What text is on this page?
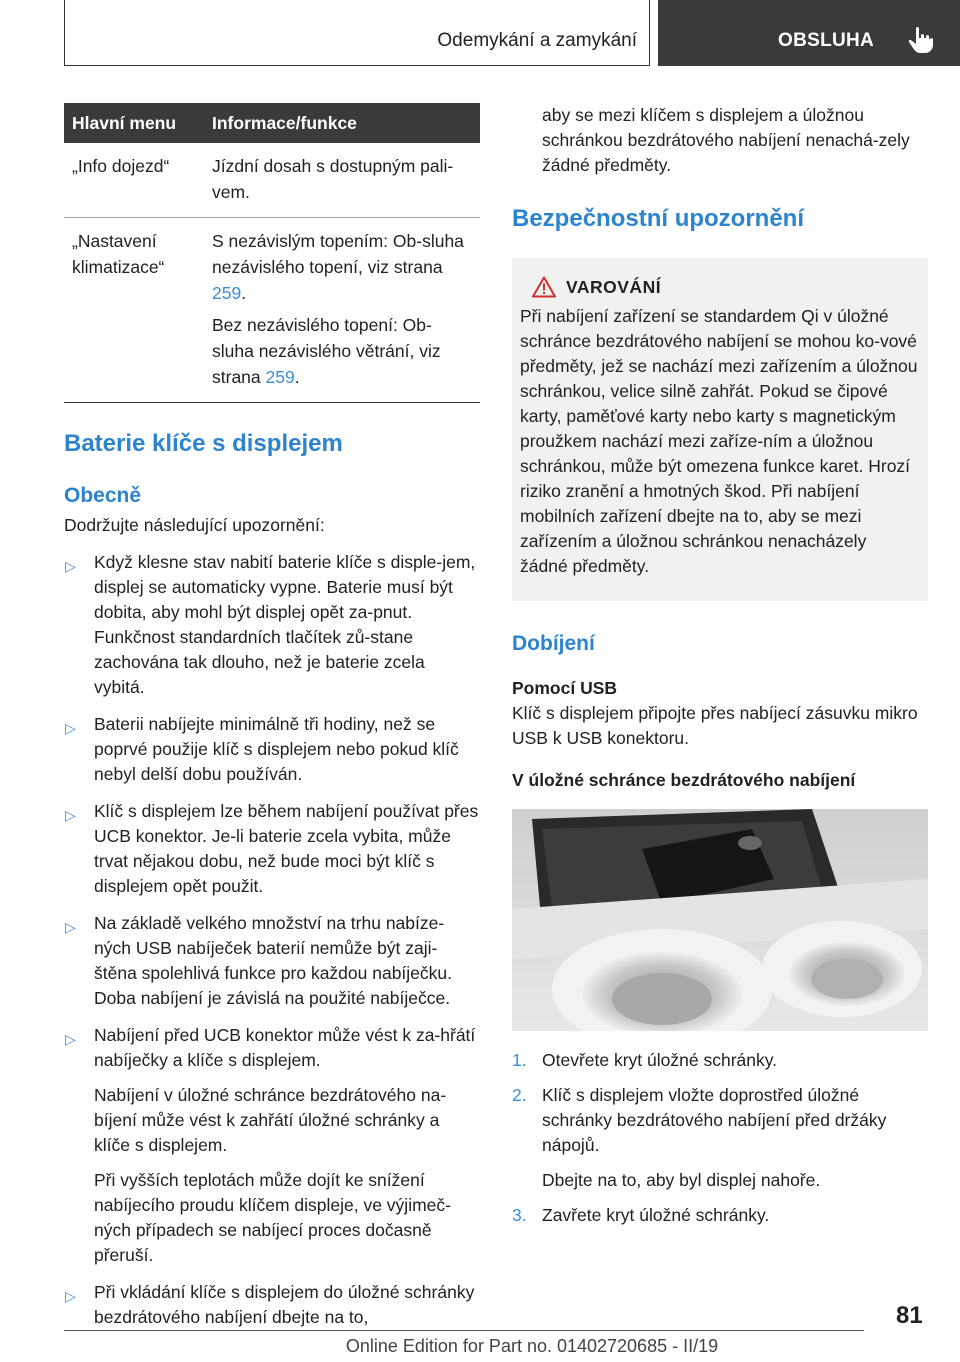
Odemykání a zamykání	OBSLUHA
Hlavní menu	Informace/funkce
„Info dojezd“	Jízdní dosah s dostupným pali-vem.
„Nastavení klimatizace“	S nezávislým topením: Ob-sluha nezávislého topení, viz strana 259.

Bez nezávislého topení: Ob-sluha nezávislého větrání, viz strana 259.

Baterie klíče s displejem
Obecně

Dodržujte následující upozornění:

▷ Když klesne stav nabití baterie klíče s disple-jem, displej se automaticky vypne. Baterie musí být dobita, aby mohl být displej opět za-pnut. Funkčnost standardních tlačítek zů-stane zachována tak dlouho, než je baterie zcela vybitá.
▷ Baterii nabíjejte minimálně tři hodiny, než se poprvé použije klíč s displejem nebo pokud klíč nebyl delší dobu používán.
▷ Klíč s displejem lze během nabíjení používat přes UCB konektor. Je-li baterie zcela vybita, může trvat nějakou dobu, než bude moci být klíč s displejem opět použit.
▷ Na základě velkého množství na trhu nabíze-ných USB nabíječek baterií nemůže být zaji-štěna spolehlivá funkce pro každou nabíječku. Doba nabíjení je závislá na použité nabíječce.
▷ Nabíjení před UCB konektor může vést k za-hřátí nabíječky a klíče s displejem.

Nabíjení v úložné schránce bezdrátového na-bíjení může vést k zahřátí úložné schránky a klíče s displejem.

Při vyšších teplotách může dojít ke snížení nabíjecího proudu klíčem displeje, ve výjimeč-ných případech se nabíjecí proces dočasně přeruší.

▷ Při vkládání klíče s displejem do úložné schránky bezdrátového nabíjení dbejte na to,

aby se mezi klíčem s displejem a úložnou schránkou bezdrátového nabíjení nenachá-zely žádné předměty.

Bezpečnostní upozornění
VAROVÁNÍ

Při nabíjení zařízení se standardem Qi v úložné schránce bezdrátového nabíjení se mohou ko-vové předměty, jež se nachází mezi zařízením a úložnou schránkou, velice silně zahřát. Pokud se čipové karty, paměťové karty nebo karty s magnetickým proužkem nachází mezi zaříze-ním a úložnou schránkou, může být omezena funkce karet. Hrozí riziko zranění a hmotných škod. Při nabíjení mobilních zařízení dbejte na to, aby se mezi zařízením a úložnou schránkou nenacházely žádné předměty.

Dobíjení
Pomocí USB

Klíč s displejem připojte přes nabíjecí zásuvku mikro USB k USB konektoru.

V úložné schránce bezdrátového nabíjení
1. Otevřete kryt úložné schránky.
2. Klíč s displejem vložte doprostřed úložné schránky bezdrátového nabíjení před držáky nápojů.

Dbejte na to, aby byl displej nahoře.

3. Zavřete kryt úložné schránky.
81
Online Edition for Part no. 01402720685 - II/19
